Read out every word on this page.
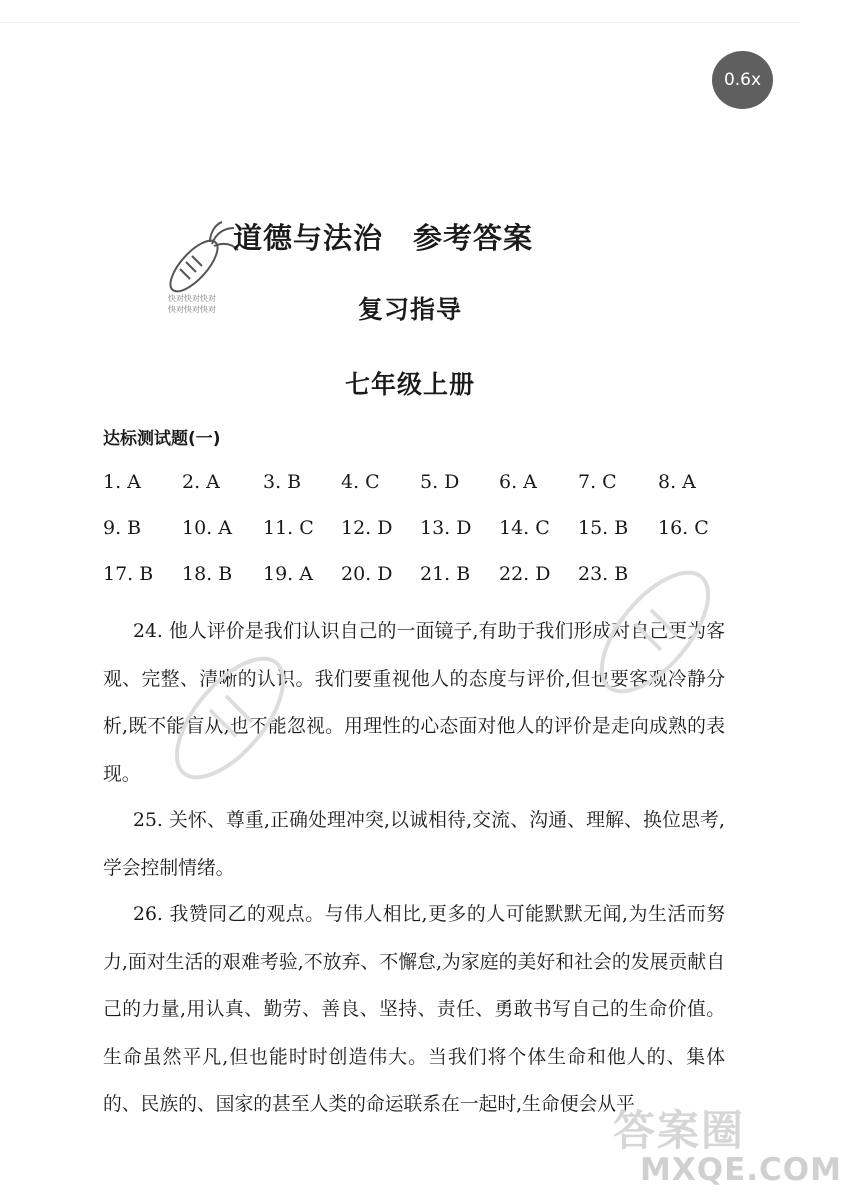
0.6x
快对快对快对
快对快对快对
道德与法治　参考答案
复习指导
七年级上册
达标测试题(一)
1. A 2. A 3. B 4. C 5. D 6. A 7. C 8. A
9. B 10. A 11. C 12. D 13. D 14. C 15. B 16. C
17. B 18. B 19. A 20. D 21. B 22. D 23. B

24. 他人评价是我们认识自己的一面镜子,有助于我们形成对自己更为客观、完整、清晰的认识。我们要重视他人的态度与评价,但也要客观冷静分析,既不能盲从,也不能忽视。用理性的心态面对他人的评价是走向成熟的表现。

25. 关怀、尊重,正确处理冲突,以诚相待,交流、沟通、理解、换位思考,学会控制情绪。

26. 我赞同乙的观点。与伟人相比,更多的人可能默默无闻,为生活而努力,面对生活的艰难考验,不放弃、不懈怠,为家庭的美好和社会的发展贡献自己的力量,用认真、勤劳、善良、坚持、责任、勇敢书写自己的生命价值。生命虽然平凡,但也能时时创造伟大。当我们将个体生命和他人的、集体的、民族的、国家的甚至人类的命运联系在一起时,生命便会从平

答案圈
MXQE.COM
